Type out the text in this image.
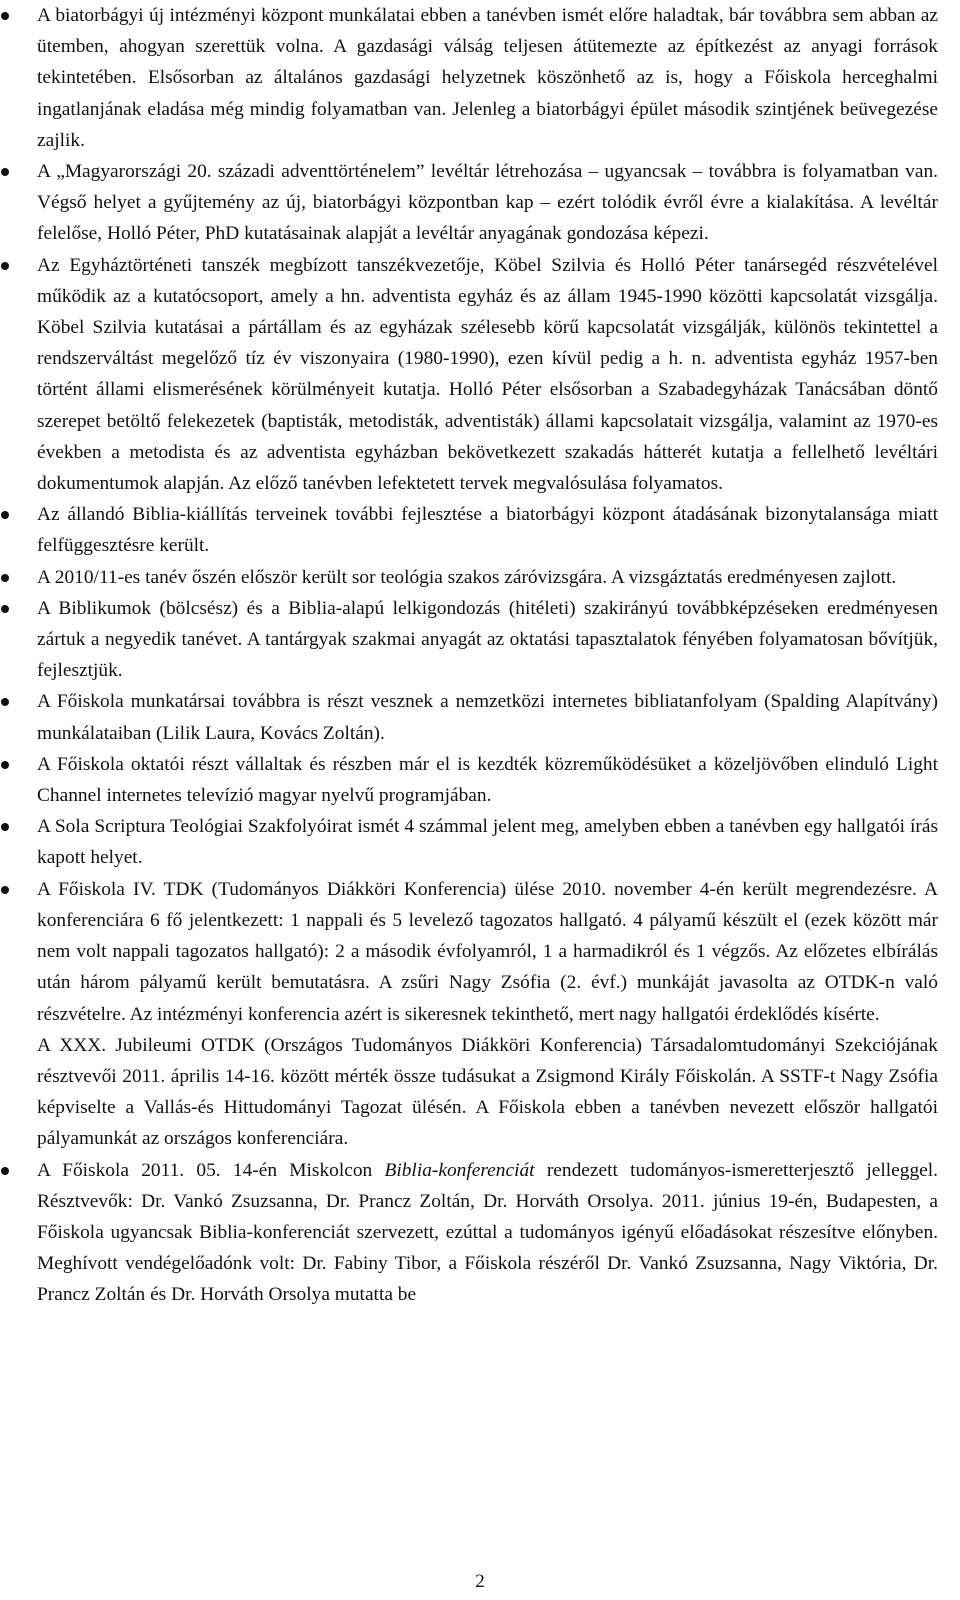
A biatorbágyi új intézményi központ munkálatai ebben a tanévben ismét előre haladtak, bár továbbra sem abban az ütemben, ahogyan szerettük volna. A gazdasági válság teljesen átütemezte az építkezést az anyagi források tekintetében. Elsősorban az általános gazdasági helyzetnek köszönhető az is, hogy a Főiskola herceghalmi ingatlanjának eladása még mindig folyamatban van. Jelenleg a biatorbágyi épület második szintjének beüvegezése zajlik.
A „Magyarországi 20. századi adventtörténelem” levéltár létrehozása – ugyancsak – továbbra is folyamatban van. Végső helyet a gyűjtemény az új, biatorbágyi központban kap – ezért tolódik évről évre a kialakítása. A levéltár felelőse, Holló Péter, PhD kutatásainak alapját a levéltár anyagának gondozása képezi.
Az Egyháztörténeti tanszék megbízott tanszékvezetője, Köbel Szilvia és Holló Péter tanársegéd részvételével működik az a kutatócsoport, amely a hn. adventista egyház és az állam 1945-1990 közötti kapcsolatát vizsgálja. Köbel Szilvia kutatásai a pártállam és az egyházak szélesebb körű kapcsolatát vizsgálják, különös tekintettel a rendszerváltást megelőző tíz év viszonyaira (1980-1990), ezen kívül pedig a h. n. adventista egyház 1957-ben történt állami elismerésének körülményeit kutatja. Holló Péter elsősorban a Szabadegyházak Tanácsában döntő szerepet betöltő felekezetek (baptisták, metodisták, adventisták) állami kapcsolatait vizsgálja, valamint az 1970-es években a metodista és az adventista egyházban bekövetkezett szakadás hátterét kutatja a fellelhető levéltári dokumentumok alapján. Az előző tanévben lefektetett tervek megvalósulása folyamatos.
Az állandó Biblia-kiállítás terveinek további fejlesztése a biatorbágyi központ átadásának bizonytalansága miatt felfüggesztésre került.
A 2010/11-es tanév őszén először került sor teológia szakos záróvizsgára. A vizsgáztatás eredményesen zajlott.
A Biblikumok (bölcsész) és a Biblia-alapú lelkigondozás (hitéleti) szakirányú továbbképzéseken eredményesen zártuk a negyedik tanévet. A tantárgyak szakmai anyagát az oktatási tapasztalatok fényében folyamatosan bővítjük, fejlesztjük.
A Főiskola munkatársai továbbra is részt vesznek a nemzetközi internetes bibliatanfolyam (Spalding Alapítvány) munkálataiban (Lilik Laura, Kovács Zoltán).
A Főiskola oktatói részt vállaltak és részben már el is kezdték közreműködésüket a közeljövőben elinduló Light Channel internetes televízió magyar nyelvű programjában.
A Sola Scriptura Teológiai Szakfolyóirat ismét 4 számmal jelent meg, amelyben ebben a tanévben egy hallgatói írás kapott helyet.
A Főiskola IV. TDK (Tudományos Diákköri Konferencia) ülése 2010. november 4-én került megrendezésre. A konferenciára 6 fő jelentkezett: 1 nappali és 5 levelező tagozatos hallgató. 4 pályamű készült el (ezek között már nem volt nappali tagozatos hallgató): 2 a második évfolyamról, 1 a harmadikról és 1 végzős. Az előzetes elbírálás után három pályamű került bemutatásra. A zsűri Nagy Zsófia (2. évf.) munkáját javasolta az OTDK-n való részvételre. Az intézményi konferencia azért is sikeresnek tekinthető, mert nagy hallgatói érdeklődés kísérte.
A XXX. Jubileumi OTDK (Országos Tudományos Diákköri Konferencia) Társadalomtudományi Szekciójának résztvevői 2011. április 14-16. között mérték össze tudásukat a Zsigmond Király Főiskolán. A SSTF-t Nagy Zsófia képviselte a Vallás-és Hittudományi Tagozat ülésén. A Főiskola ebben a tanévben nevezett először hallgatói pályamunkát az országos konferenciára.
A Főiskola 2011. 05. 14-én Miskolcon Biblia-konferenciát rendezett tudományos-ismeretterjesztő jelleggel. Résztvevők: Dr. Vankó Zsuzsanna, Dr. Prancz Zoltán, Dr. Horváth Orsolya. 2011. június 19-én, Budapesten, a Főiskola ugyancsak Biblia-konferenciát szervezett, ezúttal a tudományos igényű előadásokat részesítve előnyben. Meghívott vendégelőadónk volt: Dr. Fabiny Tibor, a Főiskola részéről Dr. Vankó Zsuzsanna, Nagy Viktória, Dr. Prancz Zoltán és Dr. Horváth Orsolya mutatta be
2
